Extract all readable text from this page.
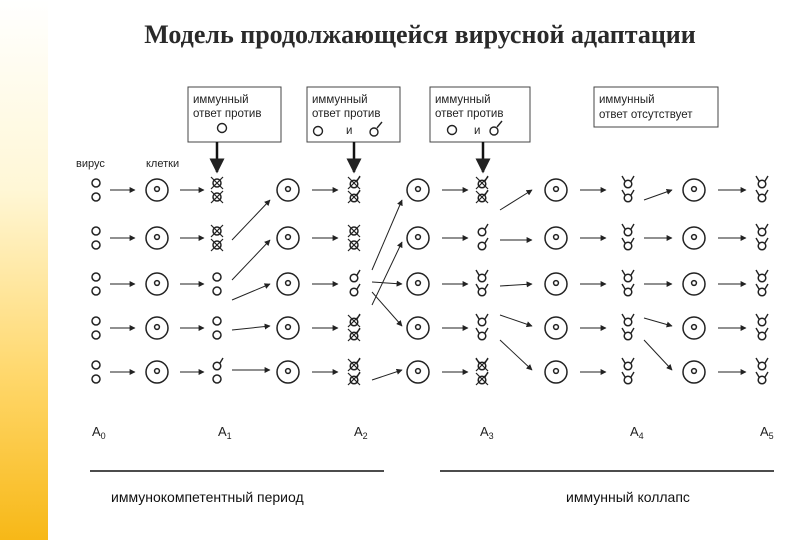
Модель продолжающейся вирусной адаптации
иммунный
ответ против
иммунный
ответ против
и
иммунный
ответ против
и
иммунный
ответ отсутствует
вирус	клетки
$A_0$	$A_1$	$A_2$	$A_3$	$A_4$	$A_5$
иммунокомпетентный период	иммунный коллапс
